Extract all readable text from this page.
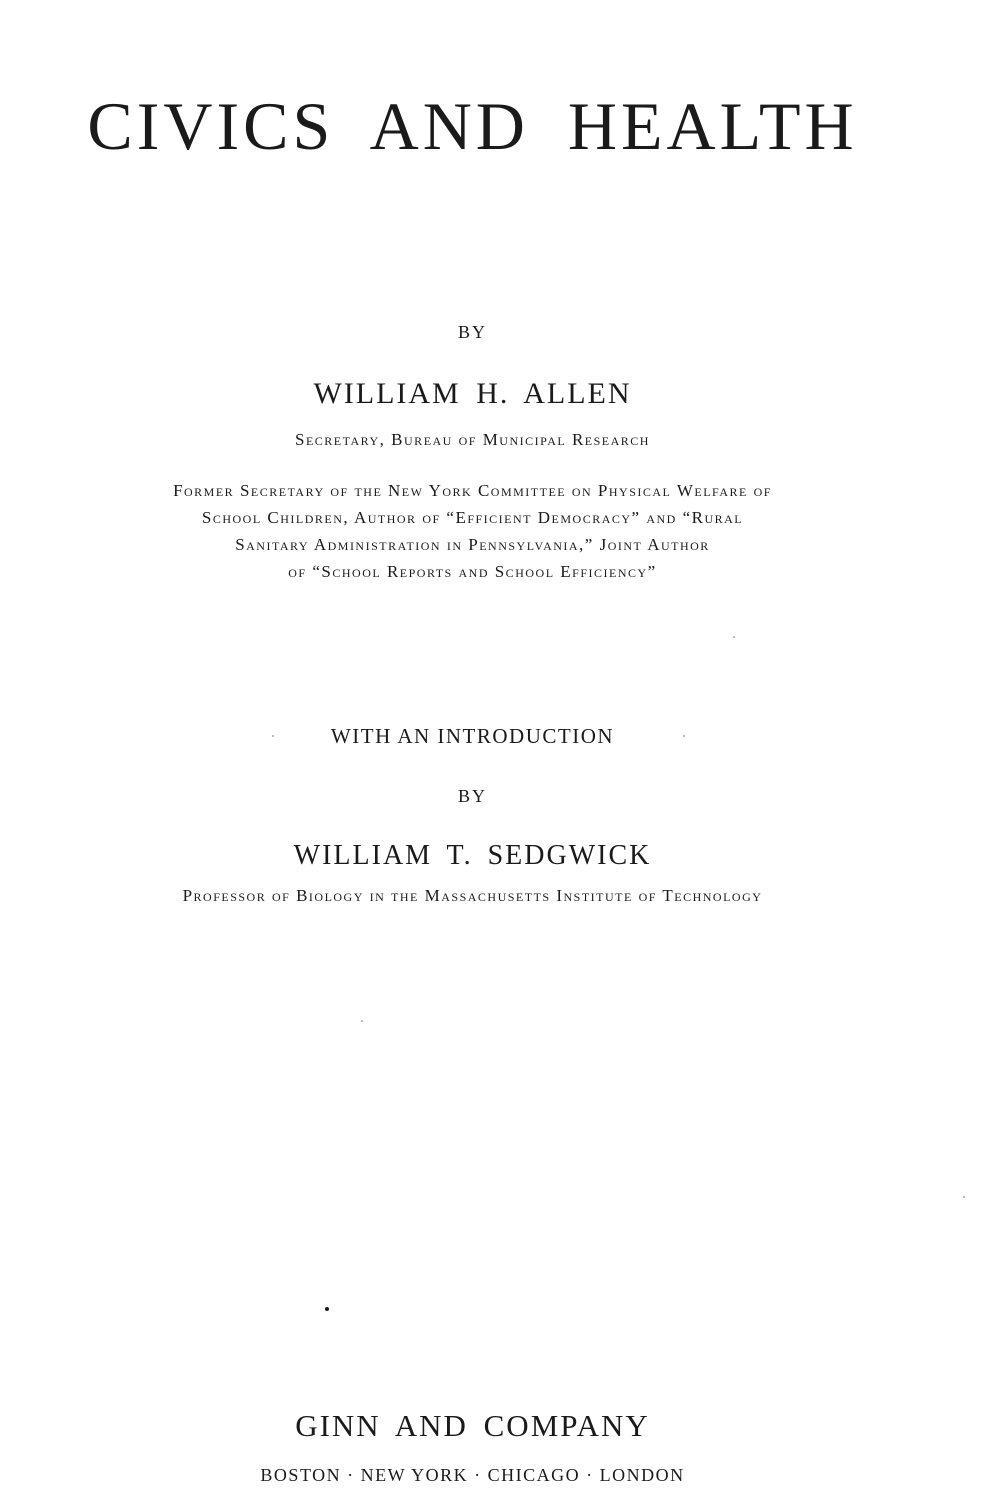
CIVICS AND HEALTH
BY
WILLIAM H. ALLEN
Secretary, Bureau of Municipal Research
Former Secretary of the New York Committee on Physical Welfare of
School Children, Author of “Efficient Democracy” and “Rural
Sanitary Administration in Pennsylvania,” Joint Author
of “School Reports and School Efficiency”
WITH AN INTRODUCTION
BY
WILLIAM T. SEDGWICK
Professor of Biology in the Massachusetts Institute of Technology
GINN AND COMPANY
BOSTON · NEW YORK · CHICAGO · LONDON
